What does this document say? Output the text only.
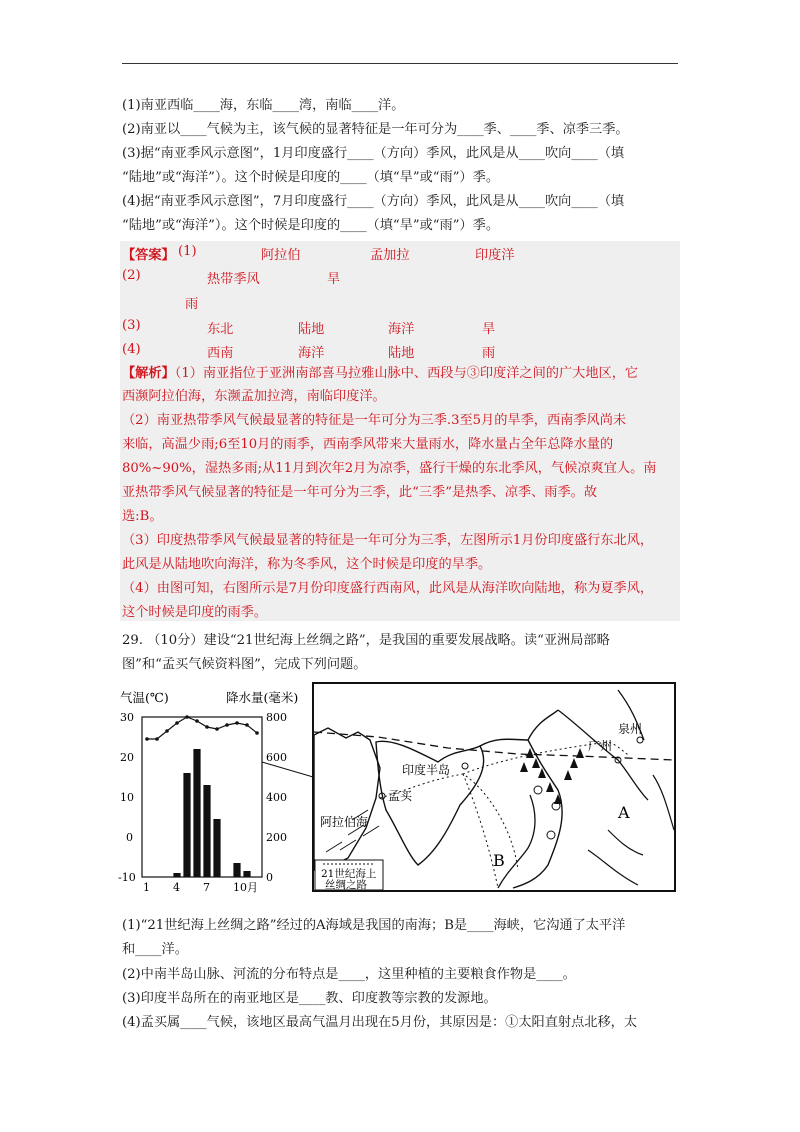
(1)南亚西临____海，东临____湾，南临____洋。
(2)南亚以____气候为主，该气候的显著特征是一年可分为____季、____季、凉季三季。
(3)据“南亚季风示意图”，1月印度盛行____（方向）季风，此风是从____吹向____（填
“陆地”或“海洋”）。这个时候是印度的____（填“旱”或“雨”）季。
(4)据“南亚季风示意图”，7月印度盛行____（方向）季风，此风是从____吹向____（填
“陆地”或“海洋”）。这个时候是印度的____（填“旱”或“雨”）季。
【答案】 (1)	阿拉伯	孟加拉	印度洋
(2)	热带季风	旱
雨
(3)	东北	陆地	海洋	旱
(4)	西南	海洋	陆地	雨
【解析】（1）南亚指位于亚洲南部喜马拉雅山脉中、西段与③印度洋之间的广大地区，它
西濒阿拉伯海，东濒孟加拉湾，南临印度洋。
（2）南亚热带季风气候最显著的特征是一年可分为三季.3至5月的旱季，西南季风尚未
来临，高温少雨;6至10月的雨季，西南季风带来大量雨水，降水量占全年总降水量的
80%~90%，湿热多雨;从11月到次年2月为凉季，盛行干燥的东北季风，气候凉爽宜人。南
亚热带季风气候显著的特征是一年可分为三季，此“三季”是热季、凉季、雨季。故
选:B。
（3）印度热带季风气候最显著的特征是一年可分为三季，左图所示1月份印度盛行东北风，
此风是从陆地吹向海洋，称为冬季风，这个时候是印度的旱季。
（4）由图可知，右图所示是7月份印度盛行西南风，此风是从海洋吹向陆地，称为夏季风，
这个时候是印度的雨季。
29. （10分）建设“21世纪海上丝绸之路”，是我国的重要发展战略。读“亚洲局部略
图”和“孟买气候资料图”，完成下列问题。
气温(℃)	降水量(毫米)
30
20
10
0
-10
800
600
400
200
0
1 4 7 10月
泉州
广州
印度半岛
孟买
阿拉伯海	A
B
21世纪海上
丝绸之路
(1)“21世纪海上丝绸之路”经过的A海域是我国的南海；B是____海峡，它沟通了太平洋
和____洋。
(2)中南半岛山脉、河流的分布特点是____，这里种植的主要粮食作物是____。
(3)印度半岛所在的南亚地区是____教、印度教等宗教的发源地。
(4)孟买属____气候，该地区最高气温月出现在5月份，其原因是：①太阳直射点北移，太
